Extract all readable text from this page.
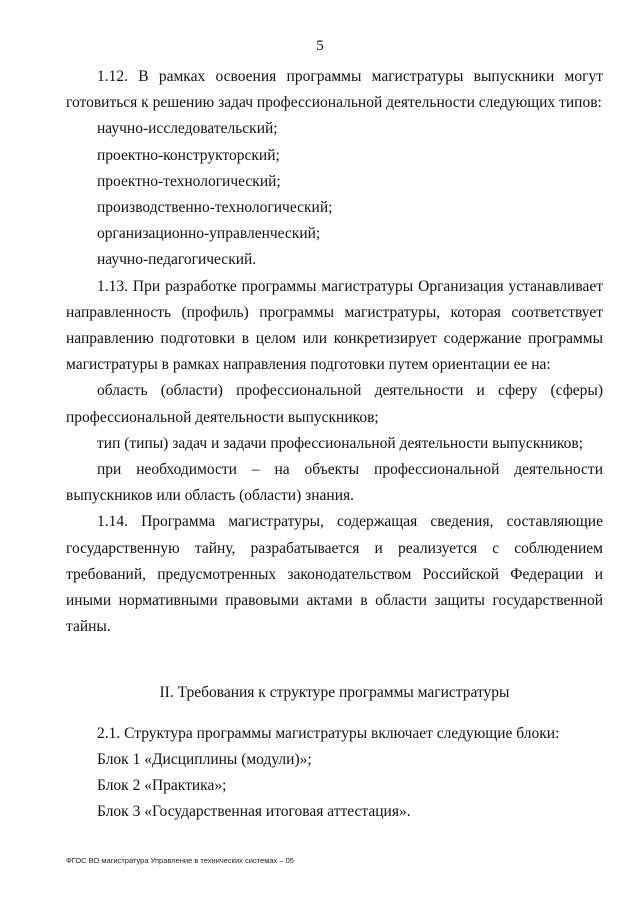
5

1.12. В рамках освоения программы магистратуры выпускники могут готовиться к решению задач профессиональной деятельности следующих типов:

научно-исследовательский;

проектно-конструкторский;

проектно-технологический;

производственно-технологический;

организационно-управленческий;

научно-педагогический.

1.13. При разработке программы магистратуры Организация устанавливает направленность (профиль) программы магистратуры, которая соответствует направлению подготовки в целом или конкретизирует содержание программы магистратуры в рамках направления подготовки путем ориентации ее на:

область (области) профессиональной деятельности и сферу (сферы) профессиональной деятельности выпускников;

тип (типы) задач и задачи профессиональной деятельности выпускников;

при необходимости – на объекты профессиональной деятельности выпускников или область (области) знания.

1.14. Программа магистратуры, содержащая сведения, составляющие государственную тайну, разрабатывается и реализуется с соблюдением требований, предусмотренных законодательством Российской Федерации и иными нормативными правовыми актами в области защиты государственной тайны.

II. Требования к структуре программы магистратуры

2.1. Структура программы магистратуры включает следующие блоки:

Блок 1 «Дисциплины (модули)»;

Блок 2 «Практика»;

Блок 3 «Государственная итоговая аттестация».

ФГОС ВО магистратура Управление в технических системах – 05
